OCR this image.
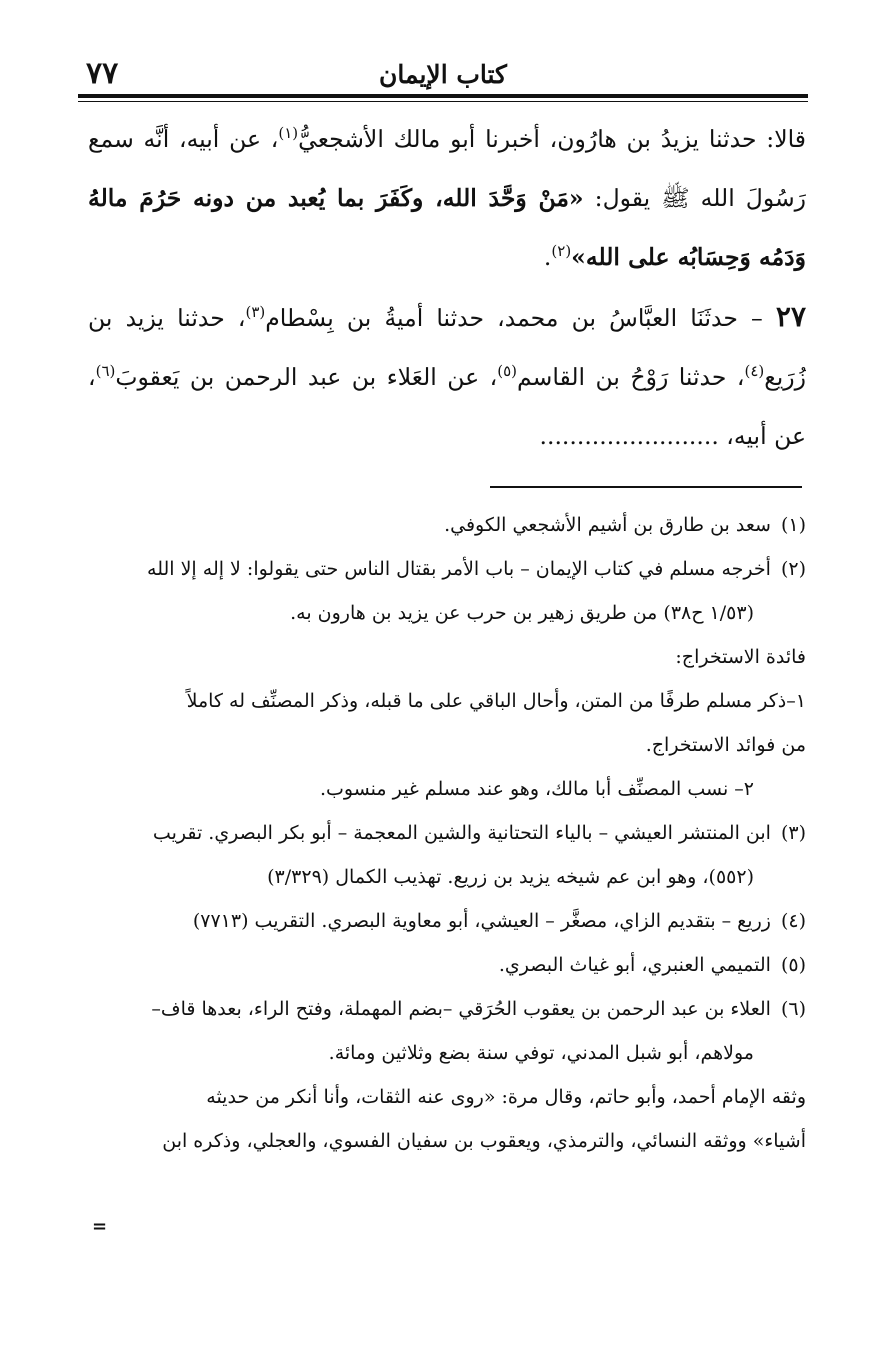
٧٧	كتاب الإيمان

قالا: حدثنا يزيدُ بن هارُون، أخبرنا أبو مالك الأشجعيُّ$^{(١)}$، عن أبيه، أنَّه سمع رَسُولَ الله ﷺ يقول: «مَنْ وَحَّدَ الله، وكَفَرَ بما يُعبد من دونه حَرُمَ مالهُ وَدَمُه وَحِسَابُه على الله»$^{(٢)}$.

٢٧ – حدثَنَا العبَّاسُ بن محمد، حدثنا أميةُ بن بِسْطام$^{(٣)}$، حدثنا يزيد بن زُرَيع$^{(٤)}$، حدثنا رَوْحُ بن القاسم$^{(٥)}$، عن العَلاء بن عبد الرحمن بن يَعقوبَ$^{(٦)}$، عن أبيه، ........................

(١)سعد بن طارق بن أشيم الأشجعي الكوفي.

(٢)أخرجه مسلم في كتاب الإيمان – باب الأمر بقتال الناس حتى يقولوا: لا إله إلا الله

(١/٥٣ ح٣٨) من طريق زهير بن حرب عن يزيد بن هارون به.

فائدة الاستخراج:

١–ذكر مسلم طرفًا من المتن، وأحال الباقي على ما قبله، وذكر المصنِّف له كاملاً

من فوائد الاستخراج.

٢– نسب المصنِّف أبا مالك، وهو عند مسلم غير منسوب.

(٣)ابن المنتشر العيشي – بالياء التحتانية والشين المعجمة – أبو بكر البصري. تقريب

(٥٥٢)، وهو ابن عم شيخه يزيد بن زريع. تهذيب الكمال (٣/٣٢٩)

(٤)زريع – بتقديم الزاي، مصغَّر – العيشي، أبو معاوية البصري. التقريب (٧٧١٣)

(٥)التميمي العنبري، أبو غياث البصري.

(٦)العلاء بن عبد الرحمن بن يعقوب الحُرَقي –بضم المهملة، وفتح الراء، بعدها قاف–

مولاهم، أبو شبل المدني، توفي سنة بضع وثلاثين ومائة.

وثقه الإمام أحمد، وأبو حاتم، وقال مرة: «روى عنه الثقات، وأنا أنكر من حديثه

أشياء» ووثقه النسائي، والترمذي، ويعقوب بن سفيان الفسوي، والعجلي، وذكره ابن

=
